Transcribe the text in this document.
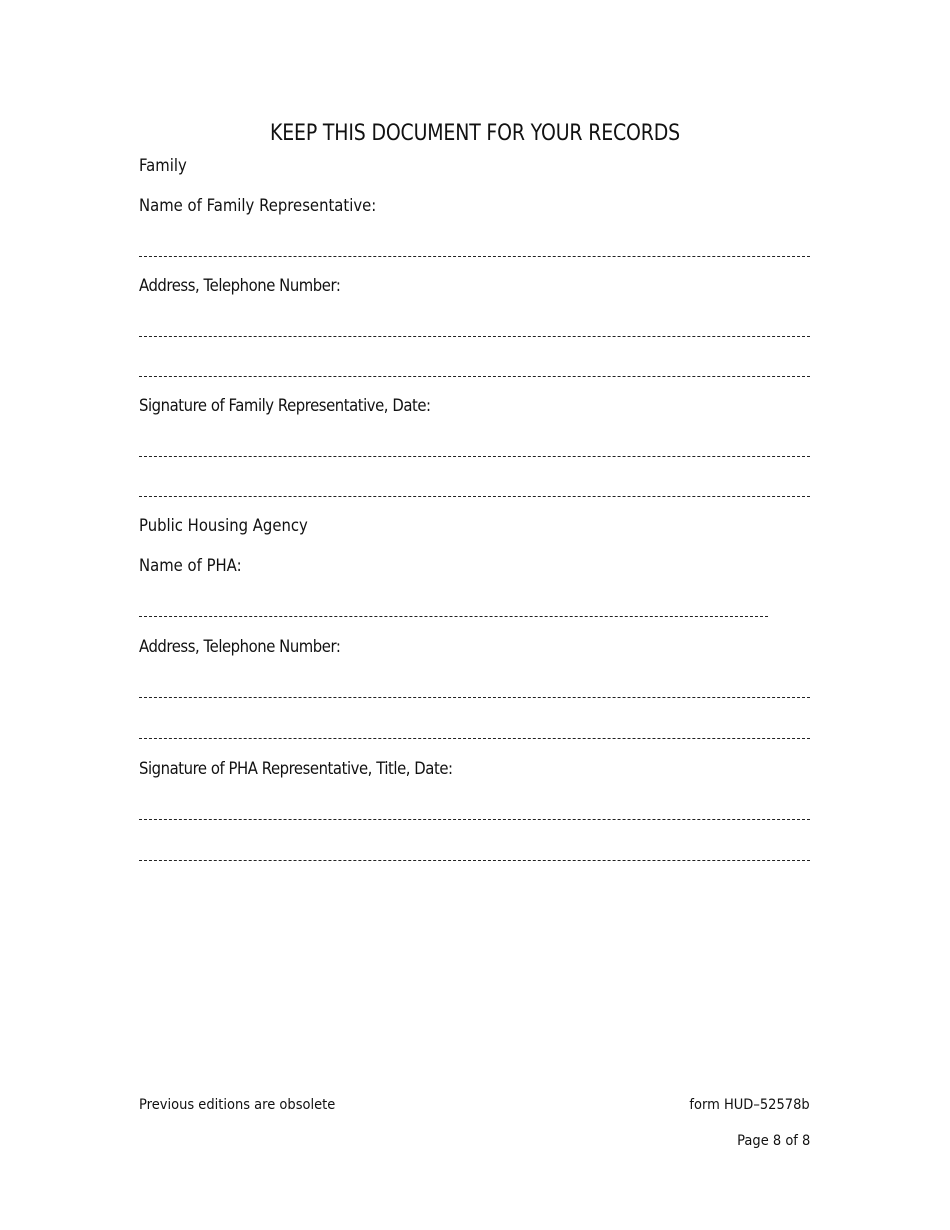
KEEP THIS DOCUMENT FOR YOUR RECORDS
Family
Name of Family Representative:
Address, Telephone Number:
Signature of Family Representative, Date:
Public Housing Agency
Name of PHA:
Address, Telephone Number:
Signature of PHA Representative, Title, Date:
Previous editions are obsolete	form HUD–52578b
Page 8 of 8
